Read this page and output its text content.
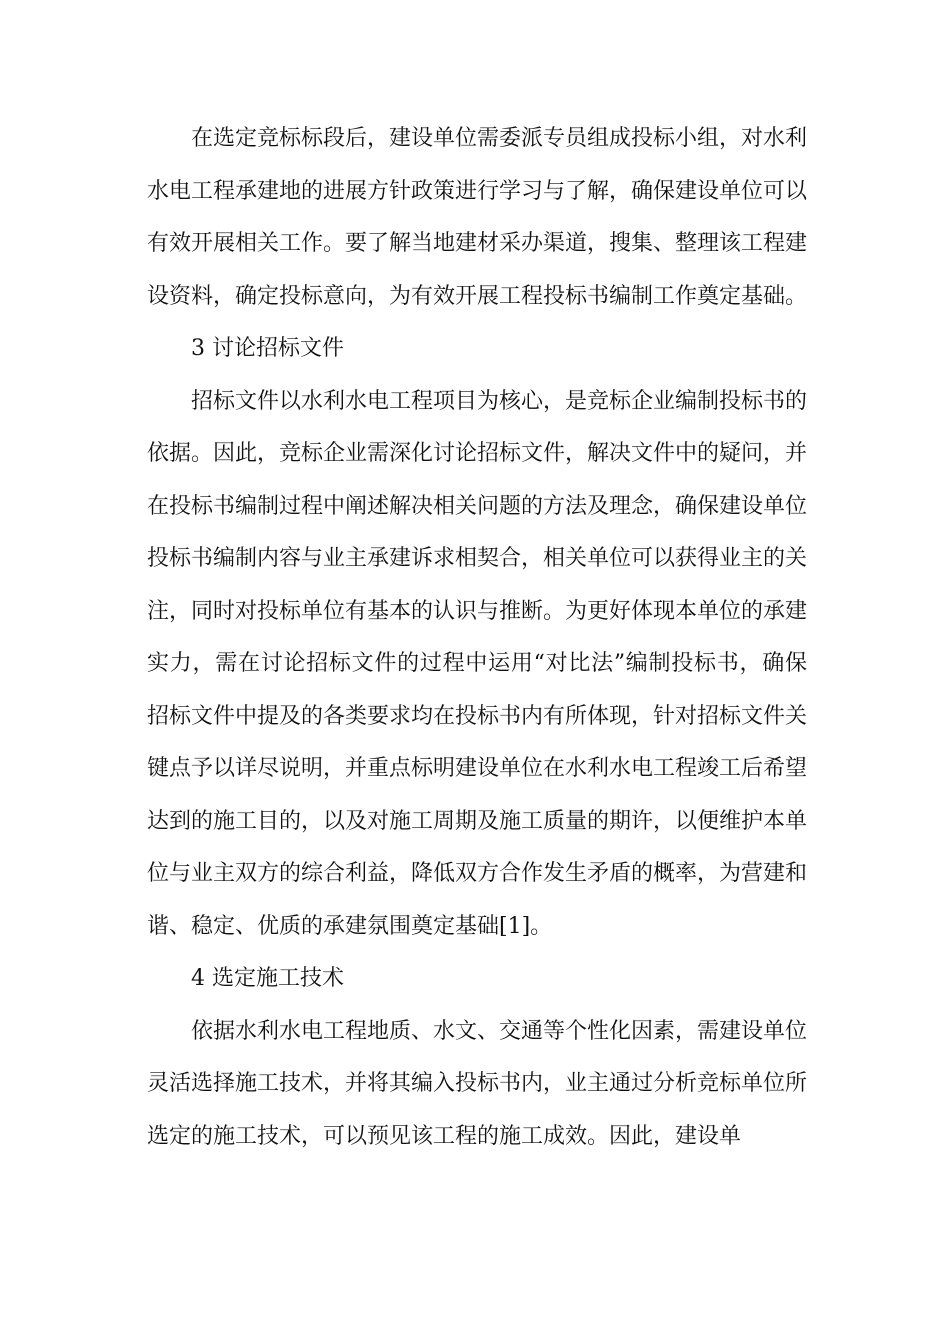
在选定竞标标段后，建设单位需委派专员组成投标小组，对水利水电工程承建地的进展方针政策进行学习与了解，确保建设单位可以有效开展相关工作。要了解当地建材采办渠道，搜集、整理该工程建设资料，确定投标意向，为有效开展工程投标书编制工作奠定基础。

3 讨论招标文件

招标文件以水利水电工程项目为核心，是竞标企业编制投标书的依据。因此，竞标企业需深化讨论招标文件，解决文件中的疑问，并在投标书编制过程中阐述解决相关问题的方法及理念，确保建设单位投标书编制内容与业主承建诉求相契合，相关单位可以获得业主的关注，同时对投标单位有基本的认识与推断。为更好体现本单位的承建实力，需在讨论招标文件的过程中运用“对比法”编制投标书，确保招标文件中提及的各类要求均在投标书内有所体现，针对招标文件关键点予以详尽说明，并重点标明建设单位在水利水电工程竣工后希望达到的施工目的，以及对施工周期及施工质量的期许，以便维护本单位与业主双方的综合利益，降低双方合作发生矛盾的概率，为营建和谐、稳定、优质的承建氛围奠定基础[1]。

4 选定施工技术

依据水利水电工程地质、水文、交通等个性化因素，需建设单位灵活选择施工技术，并将其编入投标书内，业主通过分析竞标单位所选定的施工技术，可以预见该工程的施工成效。因此，建设单
